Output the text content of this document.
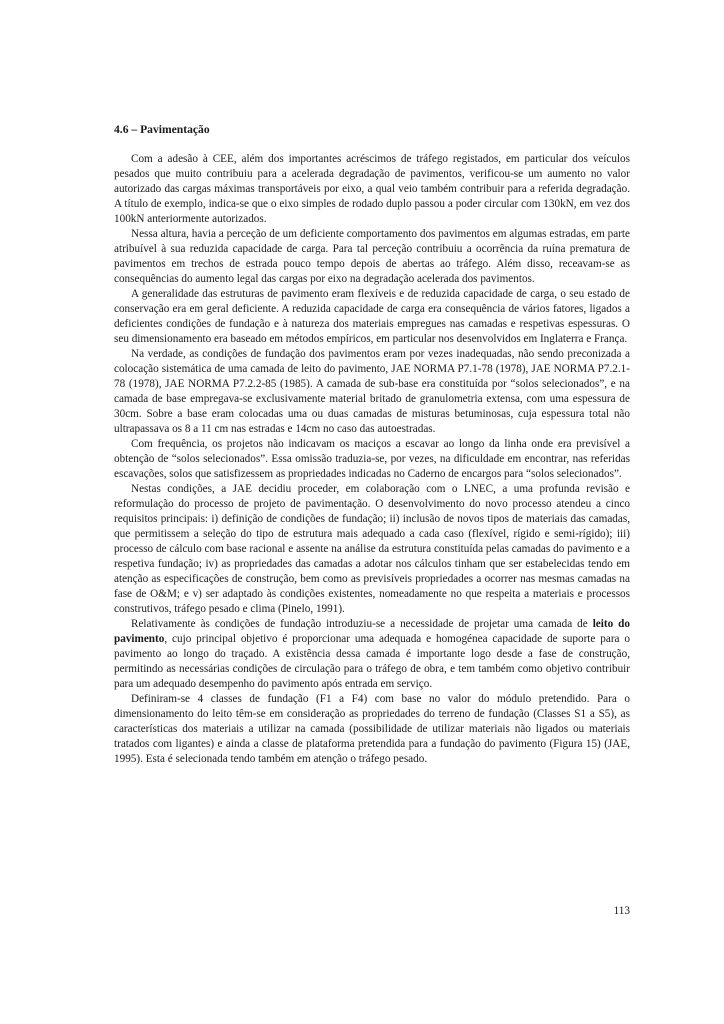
4.6 – Pavimentação

Com a adesão à CEE, além dos importantes acréscimos de tráfego registados, em particular dos veículos pesados que muito contribuiu para a acelerada degradação de pavimentos, verificou-se um aumento no valor autorizado das cargas máximas transportáveis por eixo, a qual veio também contribuir para a referida degradação. A título de exemplo, indica-se que o eixo simples de rodado duplo passou a poder circular com 130kN, em vez dos 100kN anteriormente autorizados.

Nessa altura, havia a perceção de um deficiente comportamento dos pavimentos em algumas estradas, em parte atribuível à sua reduzida capacidade de carga. Para tal perceção contribuiu a ocorrência da ruína prematura de pavimentos em trechos de estrada pouco tempo depois de abertas ao tráfego. Além disso, receavam-se as consequências do aumento legal das cargas por eixo na degradação acelerada dos pavimentos.

A generalidade das estruturas de pavimento eram flexíveis e de reduzida capacidade de carga, o seu estado de conservação era em geral deficiente. A reduzida capacidade de carga era consequência de vários fatores, ligados a deficientes condições de fundação e à natureza dos materiais empregues nas camadas e respetivas espessuras. O seu dimensionamento era baseado em métodos empíricos, em particular nos desenvolvidos em Inglaterra e França.

Na verdade, as condições de fundação dos pavimentos eram por vezes inadequadas, não sendo preconizada a colocação sistemática de uma camada de leito do pavimento, JAE NORMA P7.1-78 (1978), JAE NORMA P7.2.1-78 (1978), JAE NORMA P7.2.2-85 (1985). A camada de sub-base era constituída por “solos selecionados”, e na camada de base empregava-se exclusivamente material britado de granulometria extensa, com uma espessura de 30cm. Sobre a base eram colocadas uma ou duas camadas de misturas betuminosas, cuja espessura total não ultrapassava os 8 a 11 cm nas estradas e 14cm no caso das autoestradas.

Com frequência, os projetos não indicavam os maciços a escavar ao longo da linha onde era previsível a obtenção de “solos selecionados”. Essa omissão traduzia-se, por vezes, na dificuldade em encontrar, nas referidas escavações, solos que satisfizessem as propriedades indicadas no Caderno de encargos para “solos selecionados”.

Nestas condições, a JAE decidiu proceder, em colaboração com o LNEC, a uma profunda revisão e reformulação do processo de projeto de pavimentação. O desenvolvimento do novo processo atendeu a cinco requisitos principais: i) definição de condições de fundação; ii) inclusão de novos tipos de materiais das camadas, que permitissem a seleção do tipo de estrutura mais adequado a cada caso (flexível, rígido e semi-rígido); iii) processo de cálculo com base racional e assente na análise da estrutura constituída pelas camadas do pavimento e a respetiva fundação; iv) as propriedades das camadas a adotar nos cálculos tinham que ser estabelecidas tendo em atenção as especificações de construção, bem como as previsíveis propriedades a ocorrer nas mesmas camadas na fase de O&M; e v) ser adaptado às condições existentes, nomeadamente no que respeita a materiais e processos construtivos, tráfego pesado e clima (Pinelo, 1991).

Relativamente às condições de fundação introduziu-se a necessidade de projetar uma camada de leito do pavimento, cujo principal objetivo é proporcionar uma adequada e homogénea capacidade de suporte para o pavimento ao longo do traçado. A existência dessa camada é importante logo desde a fase de construção, permitindo as necessárias condições de circulação para o tráfego de obra, e tem também como objetivo contribuir para um adequado desempenho do pavimento após entrada em serviço.

Definiram-se 4 classes de fundação (F1 a F4) com base no valor do módulo pretendido. Para o dimensionamento do leito têm-se em consideração as propriedades do terreno de fundação (Classes S1 a S5), as características dos materiais a utilizar na camada (possibilidade de utilizar materiais não ligados ou materiais tratados com ligantes) e ainda a classe de plataforma pretendida para a fundação do pavimento (Figura 15) (JAE, 1995). Esta é selecionada tendo também em atenção o tráfego pesado.

113
